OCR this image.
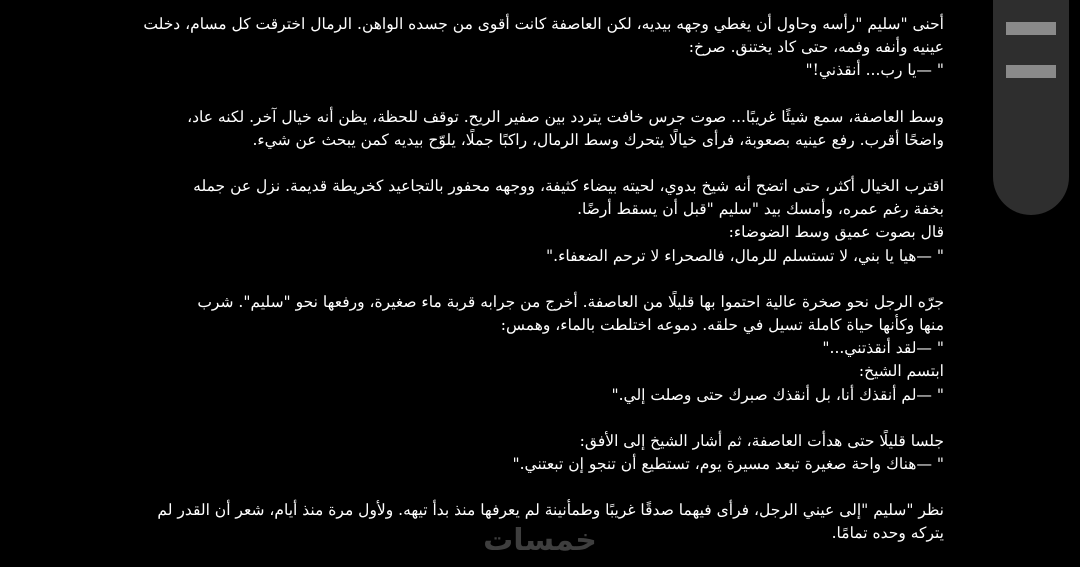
أحنى "سليم "رأسه وحاول أن يغطي وجهه بيديه، لكن العاصفة كانت أقوى من جسده الواهن. الرمال اخترقت كل مسام، دخلت
عينيه وأنفه وفمه، حتى كاد يختنق. صرخ:
" —يا رب... أنقذني!"

وسط العاصفة، سمع شيئًا غريبًا... صوت جرس خافت يتردد بين صفير الريح. توقف للحظة، يظن أنه خيال آخر. لكنه عاد،
واضحًا أقرب. رفع عينيه بصعوبة، فرأى خيالًا يتحرك وسط الرمال، راكبًا جملًا، يلوّح بيديه كمن يبحث عن شيء.

اقترب الخيال أكثر، حتى اتضح أنه شيخ بدوي، لحيته بيضاء كثيفة، ووجهه محفور بالتجاعيد كخريطة قديمة. نزل عن جمله
بخفة رغم عمره، وأمسك بيد "سليم "قبل أن يسقط أرضًا.
قال بصوت عميق وسط الضوضاء:
" —هيا يا بني، لا تستسلم للرمال، فالصحراء لا ترحم الضعفاء."

جرّه الرجل نحو صخرة عالية احتموا بها قليلًا من العاصفة. أخرج من جرابه قربة ماء صغيرة، ورفعها نحو "سليم". شرب
منها وكأنها حياة كاملة تسيل في حلقه. دموعه اختلطت بالماء، وهمس:
" —لقد أنقذتني..."
ابتسم الشيخ:
" —لم أنقذك أنا، بل أنقذك صبرك حتى وصلت إلي."

جلسا قليلًا حتى هدأت العاصفة، ثم أشار الشيخ إلى الأفق:
" —هناك واحة صغيرة تبعد مسيرة يوم، تستطيع أن تنجو إن تبعتني."

نظر "سليم "إلى عيني الرجل، فرأى فيهما صدقًا غريبًا وطمأنينة لم يعرفها منذ بدأ تيهه. ولأول مرة منذ أيام، شعر أن القدر لم
يتركه وحده تمامًا.

خمسات
